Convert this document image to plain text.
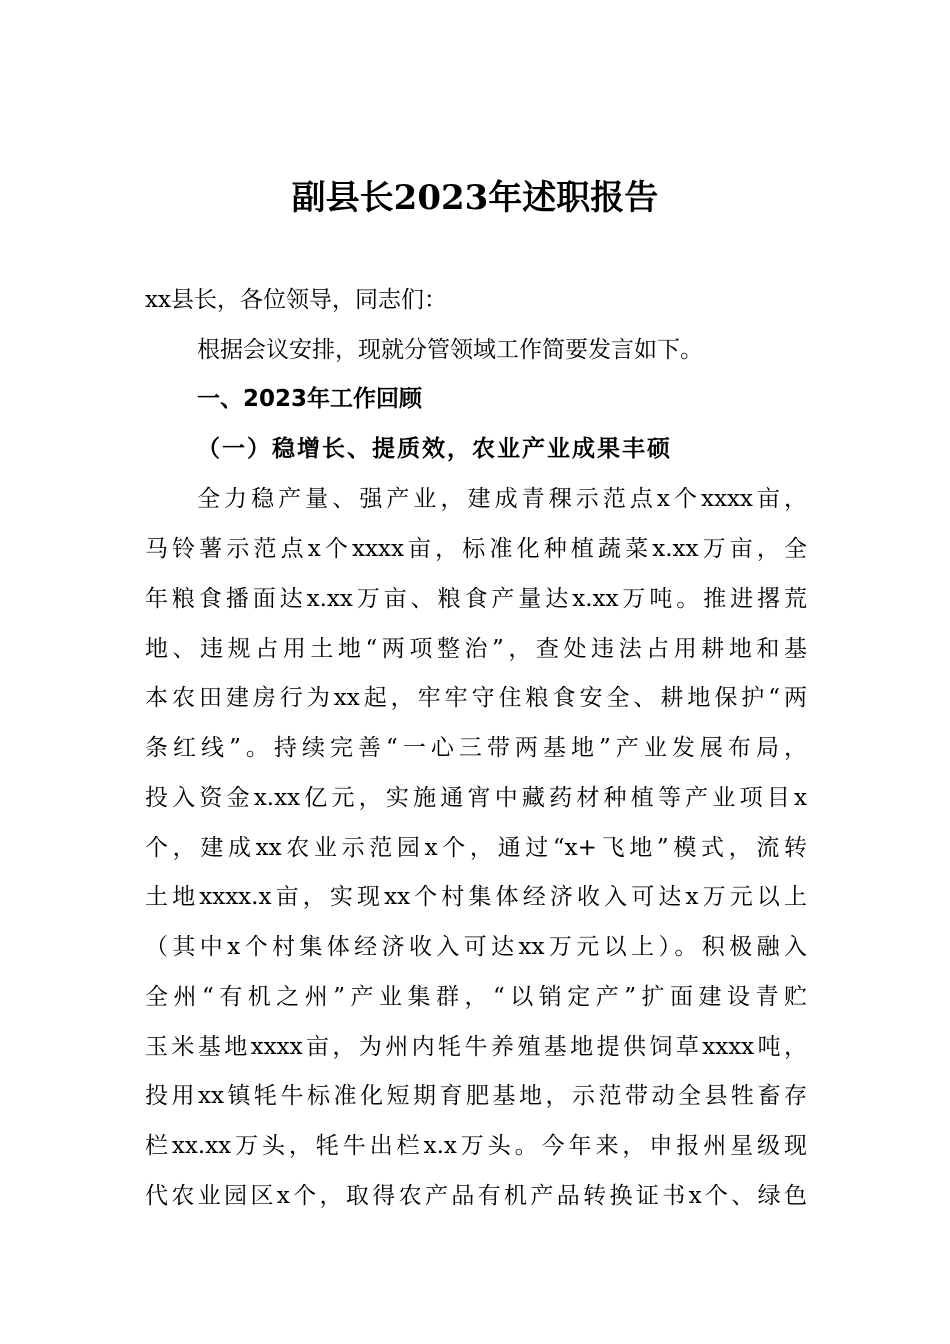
副县长2023年述职报告
xx县长，各位领导，同志们：
根据会议安排，现就分管领域工作简要发言如下。
一、2023年工作回顾
（一）稳增长、提质效，农业产业成果丰硕
全力稳产量、强产业，建成青稞示范点x个xxxx亩，
马铃薯示范点x个xxxx亩，标准化种植蔬菜x.xx万亩，全
年粮食播面达x.xx万亩、粮食产量达x.xx万吨。推进撂荒
地、违规占用土地“两项整治”，查处违法占用耕地和基
本农田建房行为xx起，牢牢守住粮食安全、耕地保护“两
条红线”。持续完善“一心三带两基地”产业发展布局，
投入资金x.xx亿元，实施通宵中藏药材种植等产业项目x
个，建成xx农业示范园x个，通过“x+飞地”模式，流转
土地xxxx.x亩，实现xx个村集体经济收入可达x万元以上
（其中x个村集体经济收入可达xx万元以上）。积极融入
全州“有机之州”产业集群，“以销定产”扩面建设青贮
玉米基地xxxx亩，为州内牦牛养殖基地提供饲草xxxx吨，
投用xx镇牦牛标准化短期育肥基地，示范带动全县牲畜存
栏xx.xx万头，牦牛出栏x.x万头。今年来，申报州星级现
代农业园区x个，取得农产品有机产品转换证书x个、绿色
